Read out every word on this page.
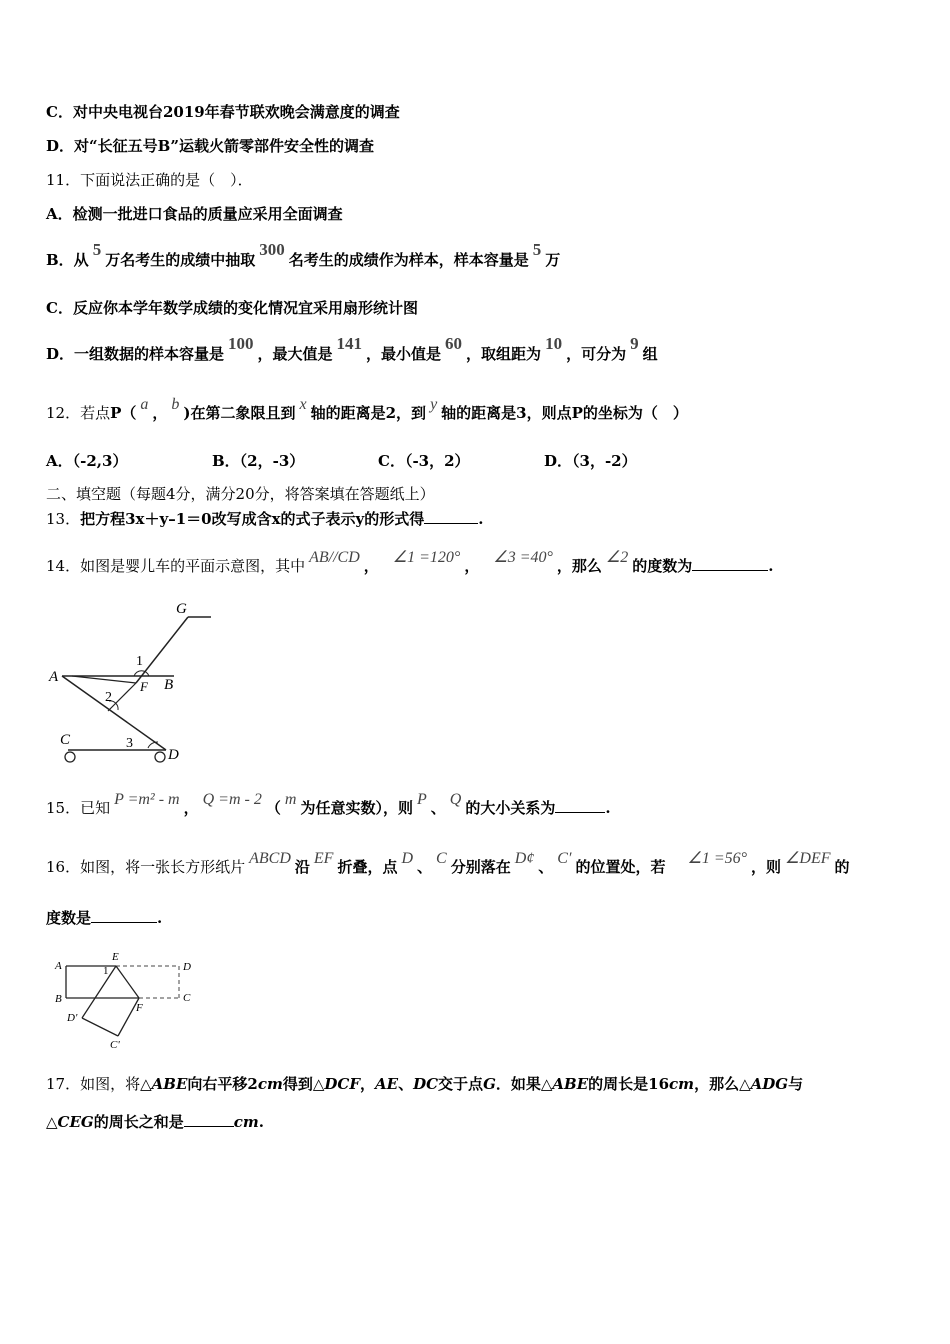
C．对中央电视台2019年春节联欢晚会满意度的调查
D．对“长征五号B”运载火箭零部件安全性的调查
11．下面说法正确的是（　）．
A．检测一批进口食品的质量应采用全面调查
B．从5万名考生的成绩中抽取300名考生的成绩作为样本，样本容量是5万
C．反应你本学年数学成绩的变化情况宜采用扇形统计图
D．一组数据的样本容量是100，最大值是141，最小值是60，取组距为10，可分为9组
12．若点P（ a ， b )在第二象限且到 x 轴的距离是2，到 y 轴的距离是3，则点P的坐标为（　）
A．（-2,3）	B．（2，-3）	C．（-3，2）	D．（3，-2）
二、填空题（每题4分，满分20分，将答案填在答题纸上）
13．把方程3x＋y–1＝0改写成含x的式子表示y的形式得	.
14．如图是婴儿车的平面示意图，其中 AB//CD ， ∠1 =120° ， ∠3 =40° ，那么 ∠2 的度数为	.
G
A	B
F
C
D
1
2
3
15．已知 P =m² - m ， Q =m - 2 （ m 为任意实数），则 P 、 Q 的大小关系为	.
16．如图，将一张长方形纸片 ABCD 沿 EF 折叠，点 D 、 C 分别落在 D¢ 、 C′ 的位置处，若 ∠1 =56° ，则 ∠DEF 的
度数是	.
A
E
D
B	C
F
D'
C'
1
17．如图，将△ABE向右平移2cm得到△DCF，AE、DC交于点G．如果△ABE的周长是16cm，那么△ADG与
△CEG的周长之和是	cm.
